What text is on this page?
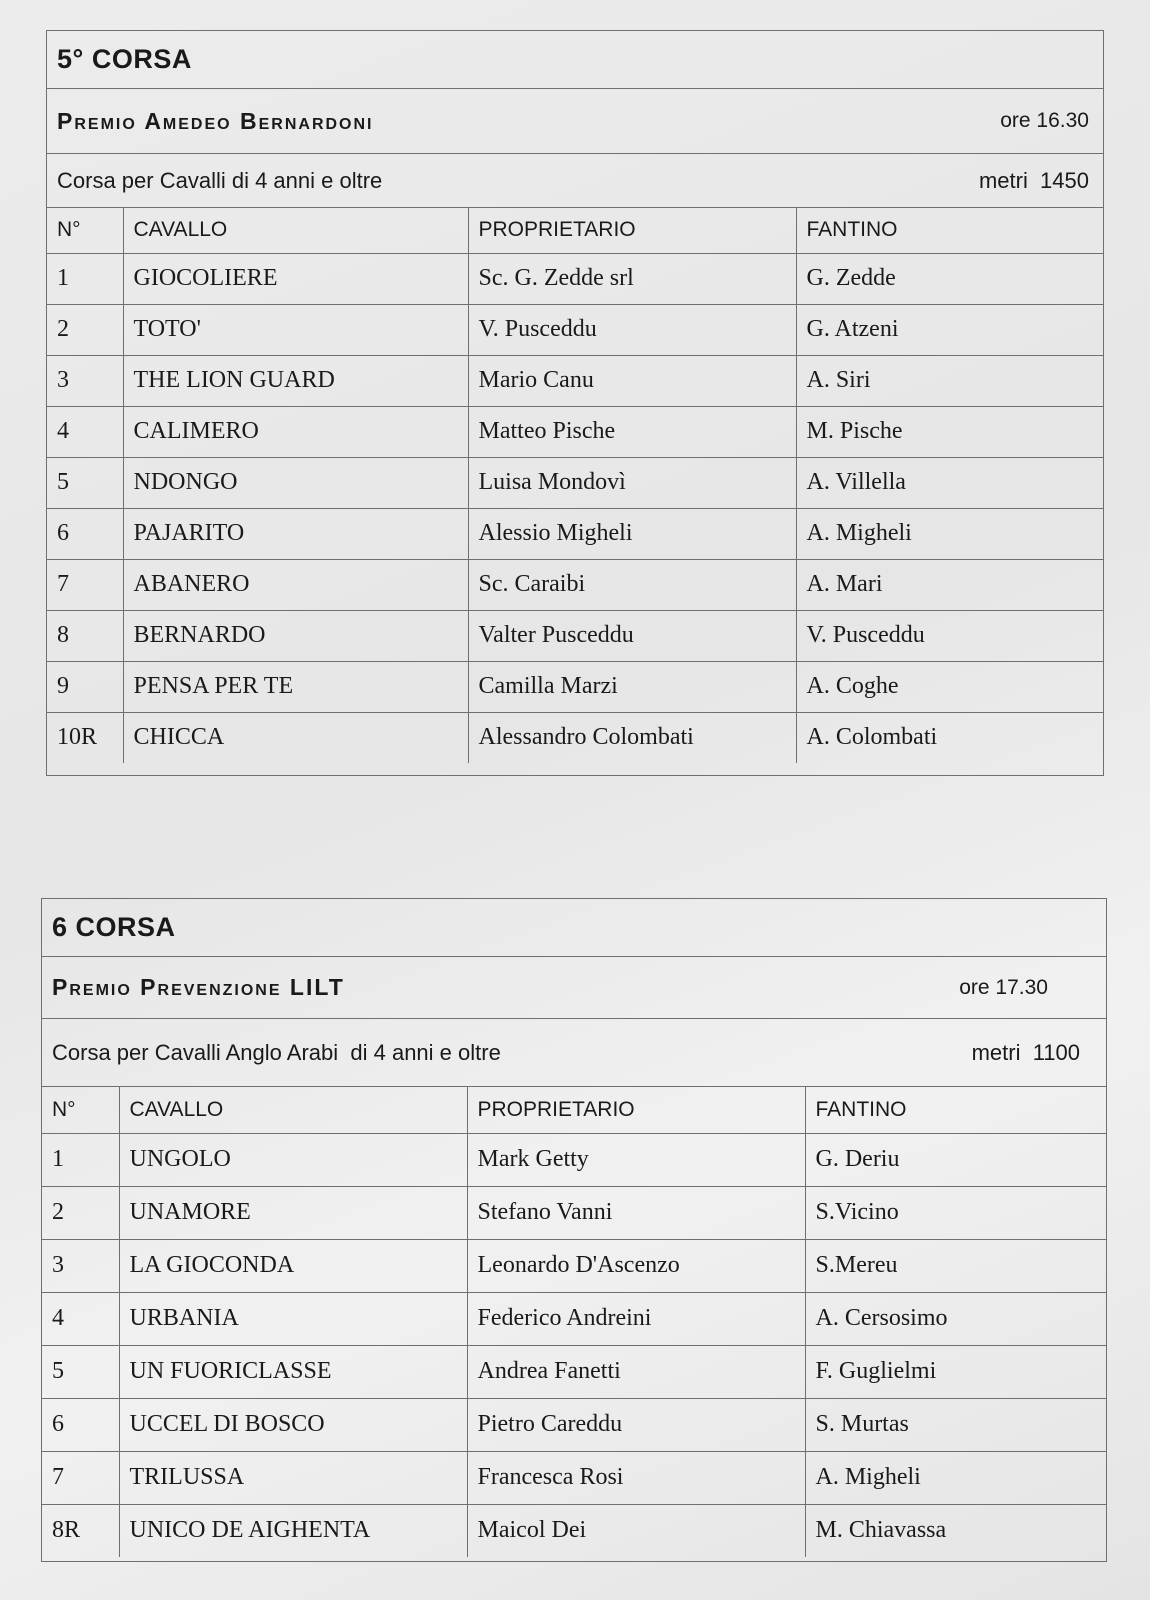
5° CORSA
Premio Amedeo Bernardoni	ore 16.30
Corsa per Cavalli di 4 anni e oltre	metri  1450
N°	CAVALLO	PROPRIETARIO	FANTINO
1	GIOCOLIERE	Sc. G. Zedde srl	G. Zedde
2	TOTO'	V. Pusceddu	G. Atzeni
3	THE LION GUARD	Mario Canu	A. Siri
4	CALIMERO	Matteo Pische	M. Pische
5	NDONGO	Luisa Mondovì	A. Villella
6	PAJARITO	Alessio Migheli	A. Migheli
7	ABANERO	Sc. Caraibi	A. Mari
8	BERNARDO	Valter Pusceddu	V. Pusceddu
9	PENSA PER TE	Camilla Marzi	A. Coghe
10R	CHICCA	Alessandro Colombati	A. Colombati
6 CORSA
Premio Prevenzione LILT	ore 17.30
Corsa per Cavalli Anglo Arabi  di 4 anni e oltre	metri  1100
N°	CAVALLO	PROPRIETARIO	FANTINO
1	UNGOLO	Mark Getty	G. Deriu
2	UNAMORE	Stefano Vanni	S.Vicino
3	LA GIOCONDA	Leonardo D'Ascenzo	S.Mereu
4	URBANIA	Federico Andreini	A. Cersosimo
5	UN FUORICLASSE	Andrea Fanetti	F. Guglielmi
6	UCCEL DI BOSCO	Pietro Careddu	S. Murtas
7	TRILUSSA	Francesca Rosi	A. Migheli
8R	UNICO DE AIGHENTA	Maicol Dei	M. Chiavassa
